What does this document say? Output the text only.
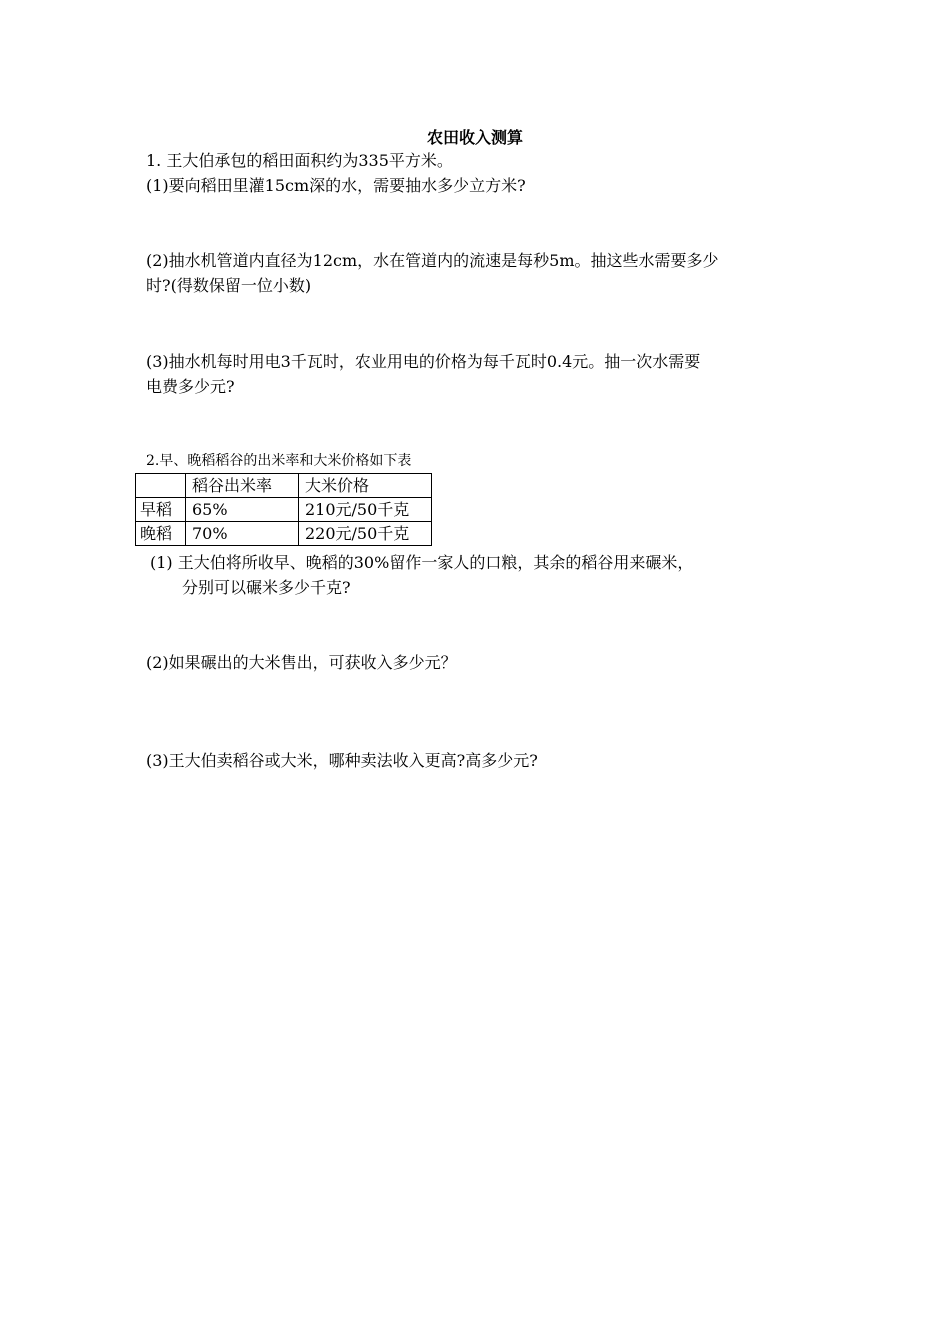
农田收入测算
1. 王大伯承包的稻田面积约为335平方米。
(1)要向稻田里灌15cm深的水，需要抽水多少立方米?
(2)抽水机管道内直径为12cm，水在管道内的流速是每秒5m。抽这些水需要多少
时?(得数保留一位小数)
(3)抽水机每时用电3千瓦时，农业用电的价格为每千瓦时0.4元。抽一次水需要
电费多少元?
2.早、晚稻稻谷的出米率和大米价格如下表
	稻谷出米率	大米价格
早稻	65%	210元/50千克
晚稻	70%	220元/50千克
(1) 王大伯将所收早、晚稻的30%留作一家人的口粮，其余的稻谷用来碾米，
分别可以碾米多少千克?
(2)如果碾出的大米售出，可获收入多少元？
(3)王大伯卖稻谷或大米，哪种卖法收入更高?高多少元?
